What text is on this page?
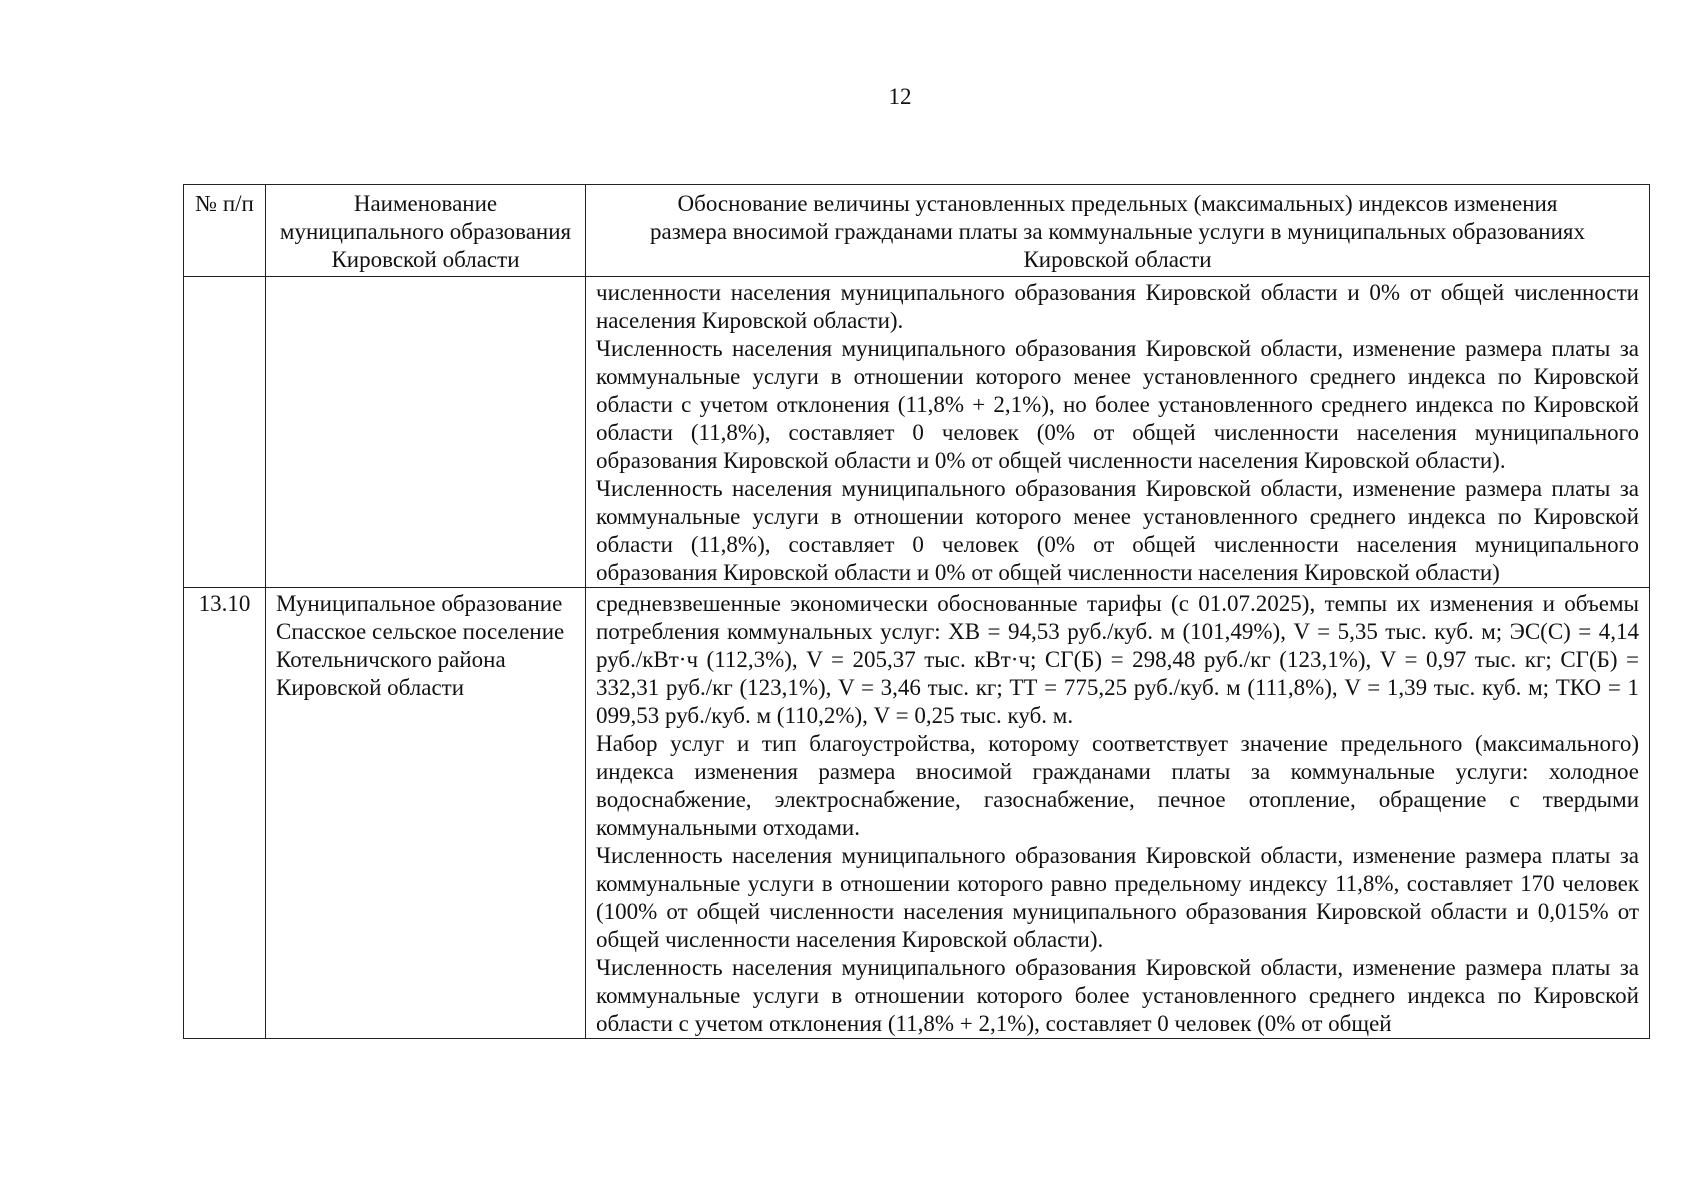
12
№ п/п	Наименование муниципального образования Кировской области	Обоснование величины установленных предельных (максимальных) индексов изменения размера вносимой гражданами платы за коммунальные услуги в муниципальных образованиях Кировской области

		численности населения муниципального образования Кировской области и 0% от общей численности населения Кировской области).
Численность населения муниципального образования Кировской области, изменение размера платы за коммунальные услуги в отношении которого менее установленного среднего индекса по Кировской области с учетом отклонения (11,8% + 2,1%), но более установленного среднего индекса по Кировской области (11,8%), составляет 0 человек (0% от общей численности населения муниципального образования Кировской области и 0% от общей численности населения Кировской области).
Численность населения муниципального образования Кировской области, изменение размера платы за коммунальные услуги в отношении которого менее установленного среднего индекса по Кировской области (11,8%), составляет 0 человек (0% от общей численности населения муниципального образования Кировской области и 0% от общей численности населения Кировской области)

13.10	Муниципальное образование Спасское сельское поселение Котельничского района Кировской области	средневзвешенные экономически обоснованные тарифы (с 01.07.2025), темпы их изменения и объемы потребления коммунальных услуг: ХВ = 94,53 руб./куб. м (101,49%), V = 5,35 тыс. куб. м; ЭС(С) = 4,14 руб./кВт·ч (112,3%), V = 205,37 тыс. кВт·ч; СГ(Б) = 298,48 руб./кг (123,1%), V = 0,97 тыс. кг; СГ(Б) = 332,31 руб./кг (123,1%), V = 3,46 тыс. кг; ТТ = 775,25 руб./куб. м (111,8%), V = 1,39 тыс. куб. м; ТКО = 1 099,53 руб./куб. м (110,2%), V = 0,25 тыс. куб. м.
Набор услуг и тип благоустройства, которому соответствует значение предельного (максимального) индекса изменения размера вносимой гражданами платы за коммунальные услуги: холодное водоснабжение, электроснабжение, газоснабжение, печное отопление, обращение с твердыми коммунальными отходами.
Численность населения муниципального образования Кировской области, изменение размера платы за коммунальные услуги в отношении которого равно предельному индексу 11,8%, составляет 170 человек (100% от общей численности населения муниципального образования Кировской области и 0,015% от общей численности населения Кировской области).
Численность населения муниципального образования Кировской области, изменение размера платы за коммунальные услуги в отношении которого более установленного среднего индекса по Кировской области с учетом отклонения (11,8% + 2,1%), составляет 0 человек (0% от общей
